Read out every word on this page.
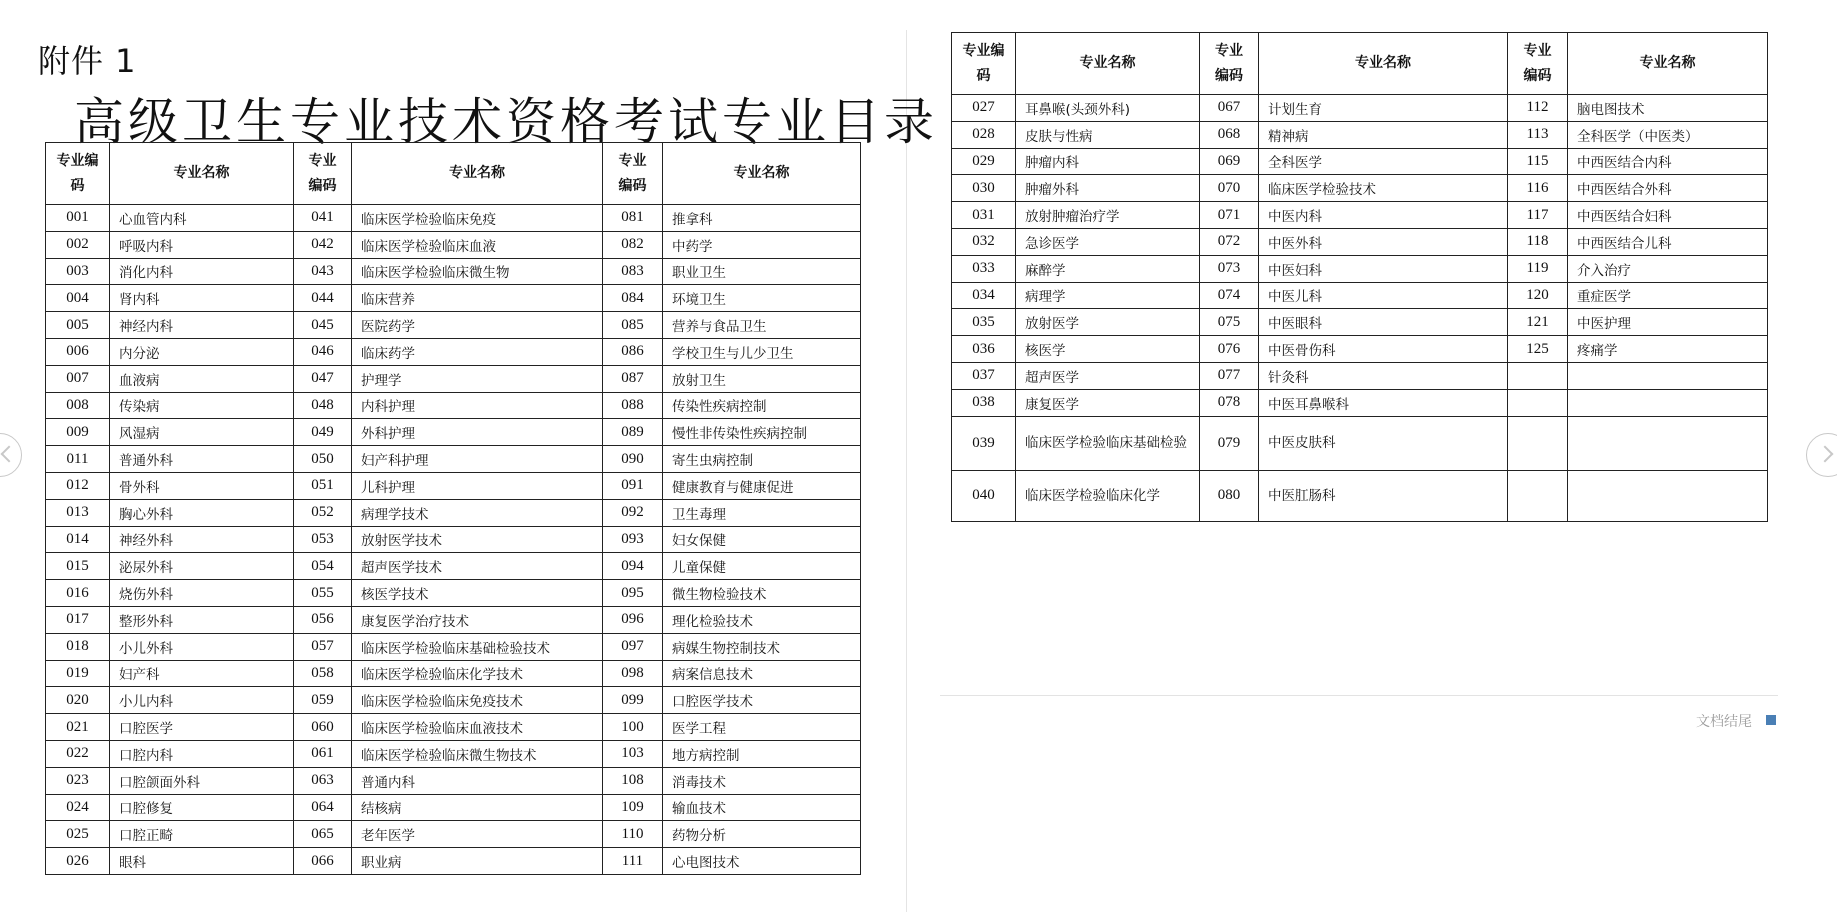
附件 1
高级卫生专业技术资格考试专业目录
专业编码	专业名称	专业编码	专业名称	专业编码	专业名称
001	心血管内科	041	临床医学检验临床免疫	081	推拿科
002	呼吸内科	042	临床医学检验临床血液	082	中药学
003	消化内科	043	临床医学检验临床微生物	083	职业卫生
004	肾内科	044	临床营养	084	环境卫生
005	神经内科	045	医院药学	085	营养与食品卫生
006	内分泌	046	临床药学	086	学校卫生与儿少卫生
007	血液病	047	护理学	087	放射卫生
008	传染病	048	内科护理	088	传染性疾病控制
009	风湿病	049	外科护理	089	慢性非传染性疾病控制
011	普通外科	050	妇产科护理	090	寄生虫病控制
012	骨外科	051	儿科护理	091	健康教育与健康促进
013	胸心外科	052	病理学技术	092	卫生毒理
014	神经外科	053	放射医学技术	093	妇女保健
015	泌尿外科	054	超声医学技术	094	儿童保健
016	烧伤外科	055	核医学技术	095	微生物检验技术
017	整形外科	056	康复医学治疗技术	096	理化检验技术
018	小儿外科	057	临床医学检验临床基础检验技术	097	病媒生物控制技术
019	妇产科	058	临床医学检验临床化学技术	098	病案信息技术
020	小儿内科	059	临床医学检验临床免疫技术	099	口腔医学技术
021	口腔医学	060	临床医学检验临床血液技术	100	医学工程
022	口腔内科	061	临床医学检验临床微生物技术	103	地方病控制
023	口腔颌面外科	063	普通内科	108	消毒技术
024	口腔修复	064	结核病	109	输血技术
025	口腔正畸	065	老年医学	110	药物分析
026	眼科	066	职业病	111	心电图技术
专业编码	专业名称	专业编码	专业名称	专业编码	专业名称
027	耳鼻喉(头颈外科)	067	计划生育	112	脑电图技术
028	皮肤与性病	068	精神病	113	全科医学（中医类）
029	肿瘤内科	069	全科医学	115	中西医结合内科
030	肿瘤外科	070	临床医学检验技术	116	中西医结合外科
031	放射肿瘤治疗学	071	中医内科	117	中西医结合妇科
032	急诊医学	072	中医外科	118	中西医结合儿科
033	麻醉学	073	中医妇科	119	介入治疗
034	病理学	074	中医儿科	120	重症医学
035	放射医学	075	中医眼科	121	中医护理
036	核医学	076	中医骨伤科	125	疼痛学
037	超声医学	077	针灸科		
038	康复医学	078	中医耳鼻喉科		
039	临床医学检验临床基础检验	079	中医皮肤科		
040	临床医学检验临床化学	080	中医肛肠科		
文档结尾
